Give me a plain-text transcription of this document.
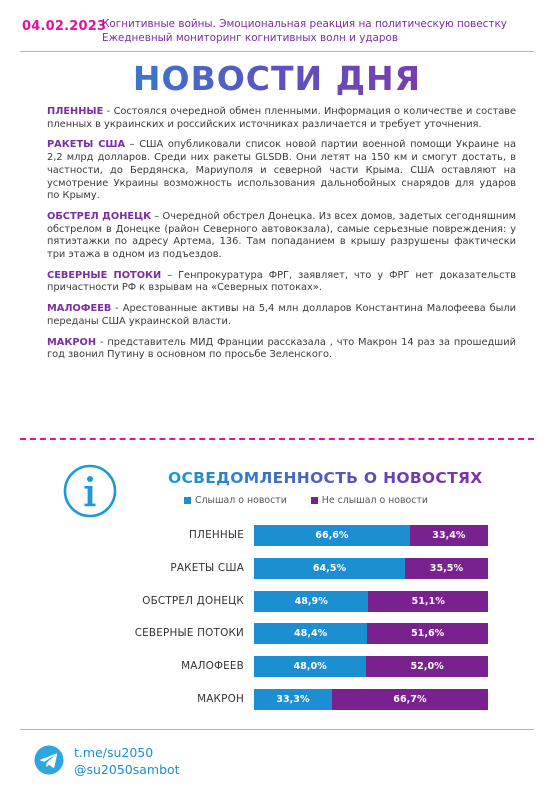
04.02.2023
Когнитивные войны. Эмоциональная реакция на политическую повестку
Ежедневный мониторинг когнитивных волн и ударов
НОВОСТИ ДНЯ

ПЛЕННЫЕ - Состоялся очередной обмен пленными. Информация о количестве и составе пленных в украинских и российских источниках различается и требует уточнения.

РАКЕТЫ США – США опубликовали список новой партии военной помощи Украине на 2,2 млрд долларов. Среди них ракеты GLSDB. Они летят на 150 км и смогут достать, в частности, до Бердянска, Мариуполя и северной части Крыма. США оставляют на усмотрение Украины возможность использования дальнобойных снарядов для ударов по Крыму.

ОБСТРЕЛ ДОНЕЦК – Очередной обстрел Донецка. Из всех домов, задетых сегодняшним обстрелом в Донецке (район Северного автовокзала), самые серьезные повреждения: у пятиэтажки по адресу Артема, 136. Там попаданием в крышу разрушены фактически три этажа в одном из подъездов.

СЕВЕРНЫЕ ПОТОКИ – Генпрокуратура ФРГ, заявляет, что у ФРГ нет доказательств причастности РФ к взрывам на «Северных потоках».

МАЛОФЕЕВ - Арестованные активы на 5,4 млн долларов Константина Малофеева были переданы США украинской власти.

МАКРОН - представитель МИД Франции рассказала , что Макрон 14 раз за прошедший год звонил Путину в основном по просьбе Зеленского.

ОСВЕДОМЛЕННОСТЬ О НОВОСТЯХ
Слышал о новости	Не слышал о новости
ПЛЕННЫЕ	66,6%	33,4%
РАКЕТЫ США	64,5%	35,5%
ОБСТРЕЛ ДОНЕЦК	48,9%	51,1%
СЕВЕРНЫЕ ПОТОКИ	48,4%	51,6%
МАЛОФЕЕВ	48,0%	52,0%
МАКРОН	33,3%	66,7%
t.me/su2050
@su2050sambot
